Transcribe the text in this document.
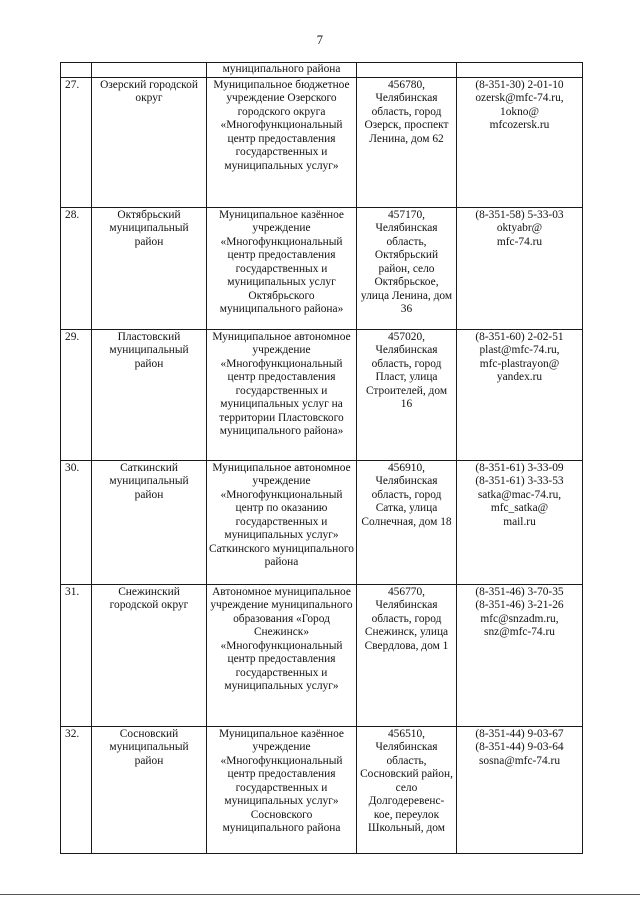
7
		муниципального района		
27.	Озерский городской округ	Муниципальное бюджетное учреждение Озерского городского округа «Многофункциональный центр предоставления государственных и муниципальных услуг»	456780, Челябинская область, город Озерск, проспект Ленина, дом 62	(8-351-30) 2-01-10
ozersk@mfc-74.ru,
1okno@
mfcozersk.ru

28.	Октябрьский муниципальный район	Муниципальное казённое учреждение «Многофункциональный центр предоставления государственных и муниципальных услуг Октябрьского муниципального района»	457170, Челябинская область, Октябрьский район, село Октябрьское, улица Ленина, дом 36	(8-351-58) 5-33-03
oktyabr@
mfc-74.ru

29.	Пластовский муниципальный район	Муниципальное автономное учреждение «Многофункциональный центр предоставления государственных и муниципальных услуг на территории Пластовского муниципального района»	457020, Челябинская область, город Пласт, улица Строителей, дом 16	(8-351-60) 2-02-51
plast@mfc-74.ru,
mfc-plastrayon@
yandex.ru

30.	Саткинский муниципальный район	Муниципальное автономное учреждение «Многофункциональный центр по оказанию государственных и муниципальных услуг» Саткинского муниципального района	456910, Челябинская область, город Сатка, улица Солнечная, дом 18	(8-351-61) 3-33-09
(8-351-61) 3-33-53
satka@mac-74.ru,
mfc_satka@
mail.ru

31.	Снежинский городской округ	Автономное муниципальное учреждение муниципального образования «Город Снежинск» «Многофункциональный центр предоставления государственных и муниципальных услуг»	456770, Челябинская область, город Снежинск, улица Свердлова, дом 1	(8-351-46) 3-70-35
(8-351-46) 3-21-26
mfc@snzadm.ru,
snz@mfc-74.ru

32.	Сосновский муниципальный район	Муниципальное казённое учреждение «Многофункциональный центр предоставления государственных и муниципальных услуг» Сосновского муниципального района	456510, Челябинская область, Сосновский район, село Долгодеревенс- кое, переулок Школьный, дом	(8-351-44) 9-03-67
(8-351-44) 9-03-64
sosna@mfc-74.ru
